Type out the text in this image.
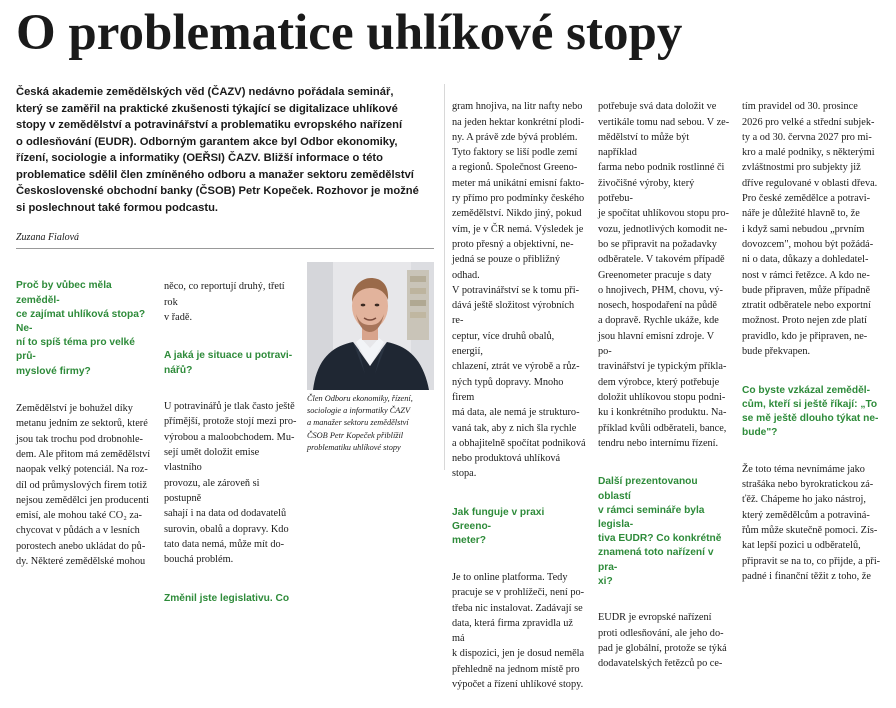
O problematice uhlíkové stopy

Česká akademie zemědělských věd (ČAZV) nedávno pořádala seminář,
který se zaměřil na praktické zkušenosti týkající se digitalizace uhlíkové
stopy v zemědělství a potravinářství a problematiku evropského nařízení
o odlesňování (EUDR). Odborným garantem akce byl Odbor ekonomiky,
řízení, sociologie a informatiky (OEŘSI) ČAZV. Bližší informace o této
problematice sdělil člen zmíněného odboru a manažer sektoru zemědělství
Československé obchodní banky (ČSOB) Petr Kopeček. Rozhovor je možné
si poslechnout také formou podcastu.

Zuzana Fialová

Proč by vůbec měla zeměděl-
ce zajímat uhlíková stopa? Ne-
ní to spíš téma pro velké prů-
myslové firmy?

Zemědělství je bohužel díky
metanu jedním ze sektorů, které
jsou tak trochu pod drobnohle-
dem. Ale přitom má zemědělství
naopak velký potenciál. Na roz-
díl od průmyslových firem totiž
nejsou zemědělci jen producenti
emisí, ale mohou také CO₂ za-
chycovat v půdách a v lesních
porostech anebo ukládat do pů-
dy. Některé zemědělské mohou

něco, co reportují druhý, třetí rok
v řadě.

A jaká je situace u potravi-
nářů?

U potravinářů je tlak často ještě
přímější, protože stojí mezi pro-
výrobou a maloobchodem. Mu-
sejí umět doložit emise vlastního
provozu, ale zároveň si postupně
sahají i na data od dodavatelů
surovin, obalů a dopravy. Kdo
tato data nemá, může mít do-
bouchá problém.

Změnil jste legislativu. Co

Člen Odboru ekonomiky, řízení,
sociologie a informatiky ČAZV
a manažer sektoru zemědělství
ČSOB Petr Kopeček přiblížil
problematiku uhlíkové stopy

gram hnojiva, na litr nafty nebo
na jeden hektar konkrétní plodi-
ny. A právě zde bývá problém.
Tyto faktory se liší podle zemí
a regionů. Společnost Greeno-
meter má unikátní emisní fakto-
ry přímo pro podmínky českého
zemědělství. Nikdo jiný, pokud
vím, je v ČR nemá. Výsledek je
proto přesný a objektivní, ne-
jedná se pouze o přibližný odhad.
V potravinářství se k tomu při-
dává ještě složitost výrobních re-
ceptur, více druhů obalů, energií,
chlazení, ztrát ve výrobě a růz-
ných typů dopravy. Mnoho firem
má data, ale nemá je strukturo-
vaná tak, aby z nich šla rychle
a obhajitelně spočítat podniková
nebo produktová uhlíková stopa.

Jak funguje v praxi Greeno-
meter?

Je to online platforma. Tedy
pracuje se v prohlížeči, není po-
třeba nic instalovat. Zadávají se
data, která firma zpravidla už má
k dispozici, jen je dosud nemělа
přehledně na jednom místě pro
výpočet a řízení uhlíkové stopy.

potřebuje svá data doložit ve
vertikále tomu nad sebou. V ze-
mědělství to může být například
farma nebo podnik rostlinné či
živočišné výroby, který potřebu-
je spočítat uhlíkovou stopu pro-
vozu, jednotlivých komodit ne-
bo se připravit na požadavky
odběratele. V takovém případě
Greenometer pracuje s daty
o hnojivech, PHM, chovu, vý-
nosech, hospodaření na půdě
a dopravě. Rychle ukáže, kde
jsou hlavní emisní zdroje. V po-
travinářství je typickým příkla-
dem výrobce, který potřebuje
doložit uhlíkovou stopu podni-
ku i konkrétního produktu. Na-
příklad kvůli odběrateli, bance,
tendru nebo internímu řízení.

Další prezentovanou oblastí
v rámci semináře byla legisla-
tiva EUDR? Co konkrétně
znamená toto nařízení v pra-
xi?

EUDR je evropské nařízení
proti odlesňování, ale jeho do-
pad je globální, protože se týká
dodavatelských řetězců po ce-

tím pravidel od 30. prosince
2026 pro velké a střední subjek-
ty a od 30. června 2027 pro mi-
kro a malé podniky, s některými
zvláštnostmi pro subjekty již
dříve regulované v oblasti dřeva.
Pro české zemědělce a potravi-
náře je důležité hlavně to, že
i když sami nebudou „prvním
dovozcem", mohou být požádá-
ni o data, důkazy a dohledatel-
nost v rámci řetězce. A kdo ne-
bude připraven, může případně
ztratit odběratele nebo exportní
možnost. Proto nejen zde platí
pravidlo, kdo je připraven, ne-
bude překvapen.

Co byste vzkázal zeměděl-
cům, kteří si ještě říkají: „To
se mě ještě dlouho týkat ne-
bude"?

Že toto téma nevnímáme jako
strašáka nebo byrokratickou zá-
ťěž. Chápeme ho jako nástroj,
který zemědělcům a potraviná-
řům může skutečně pomoci. Zís-
kat lepší pozici u odběratelů,
připravit se na to, co přijde, a při-
padné i finanční těžit z toho, že
